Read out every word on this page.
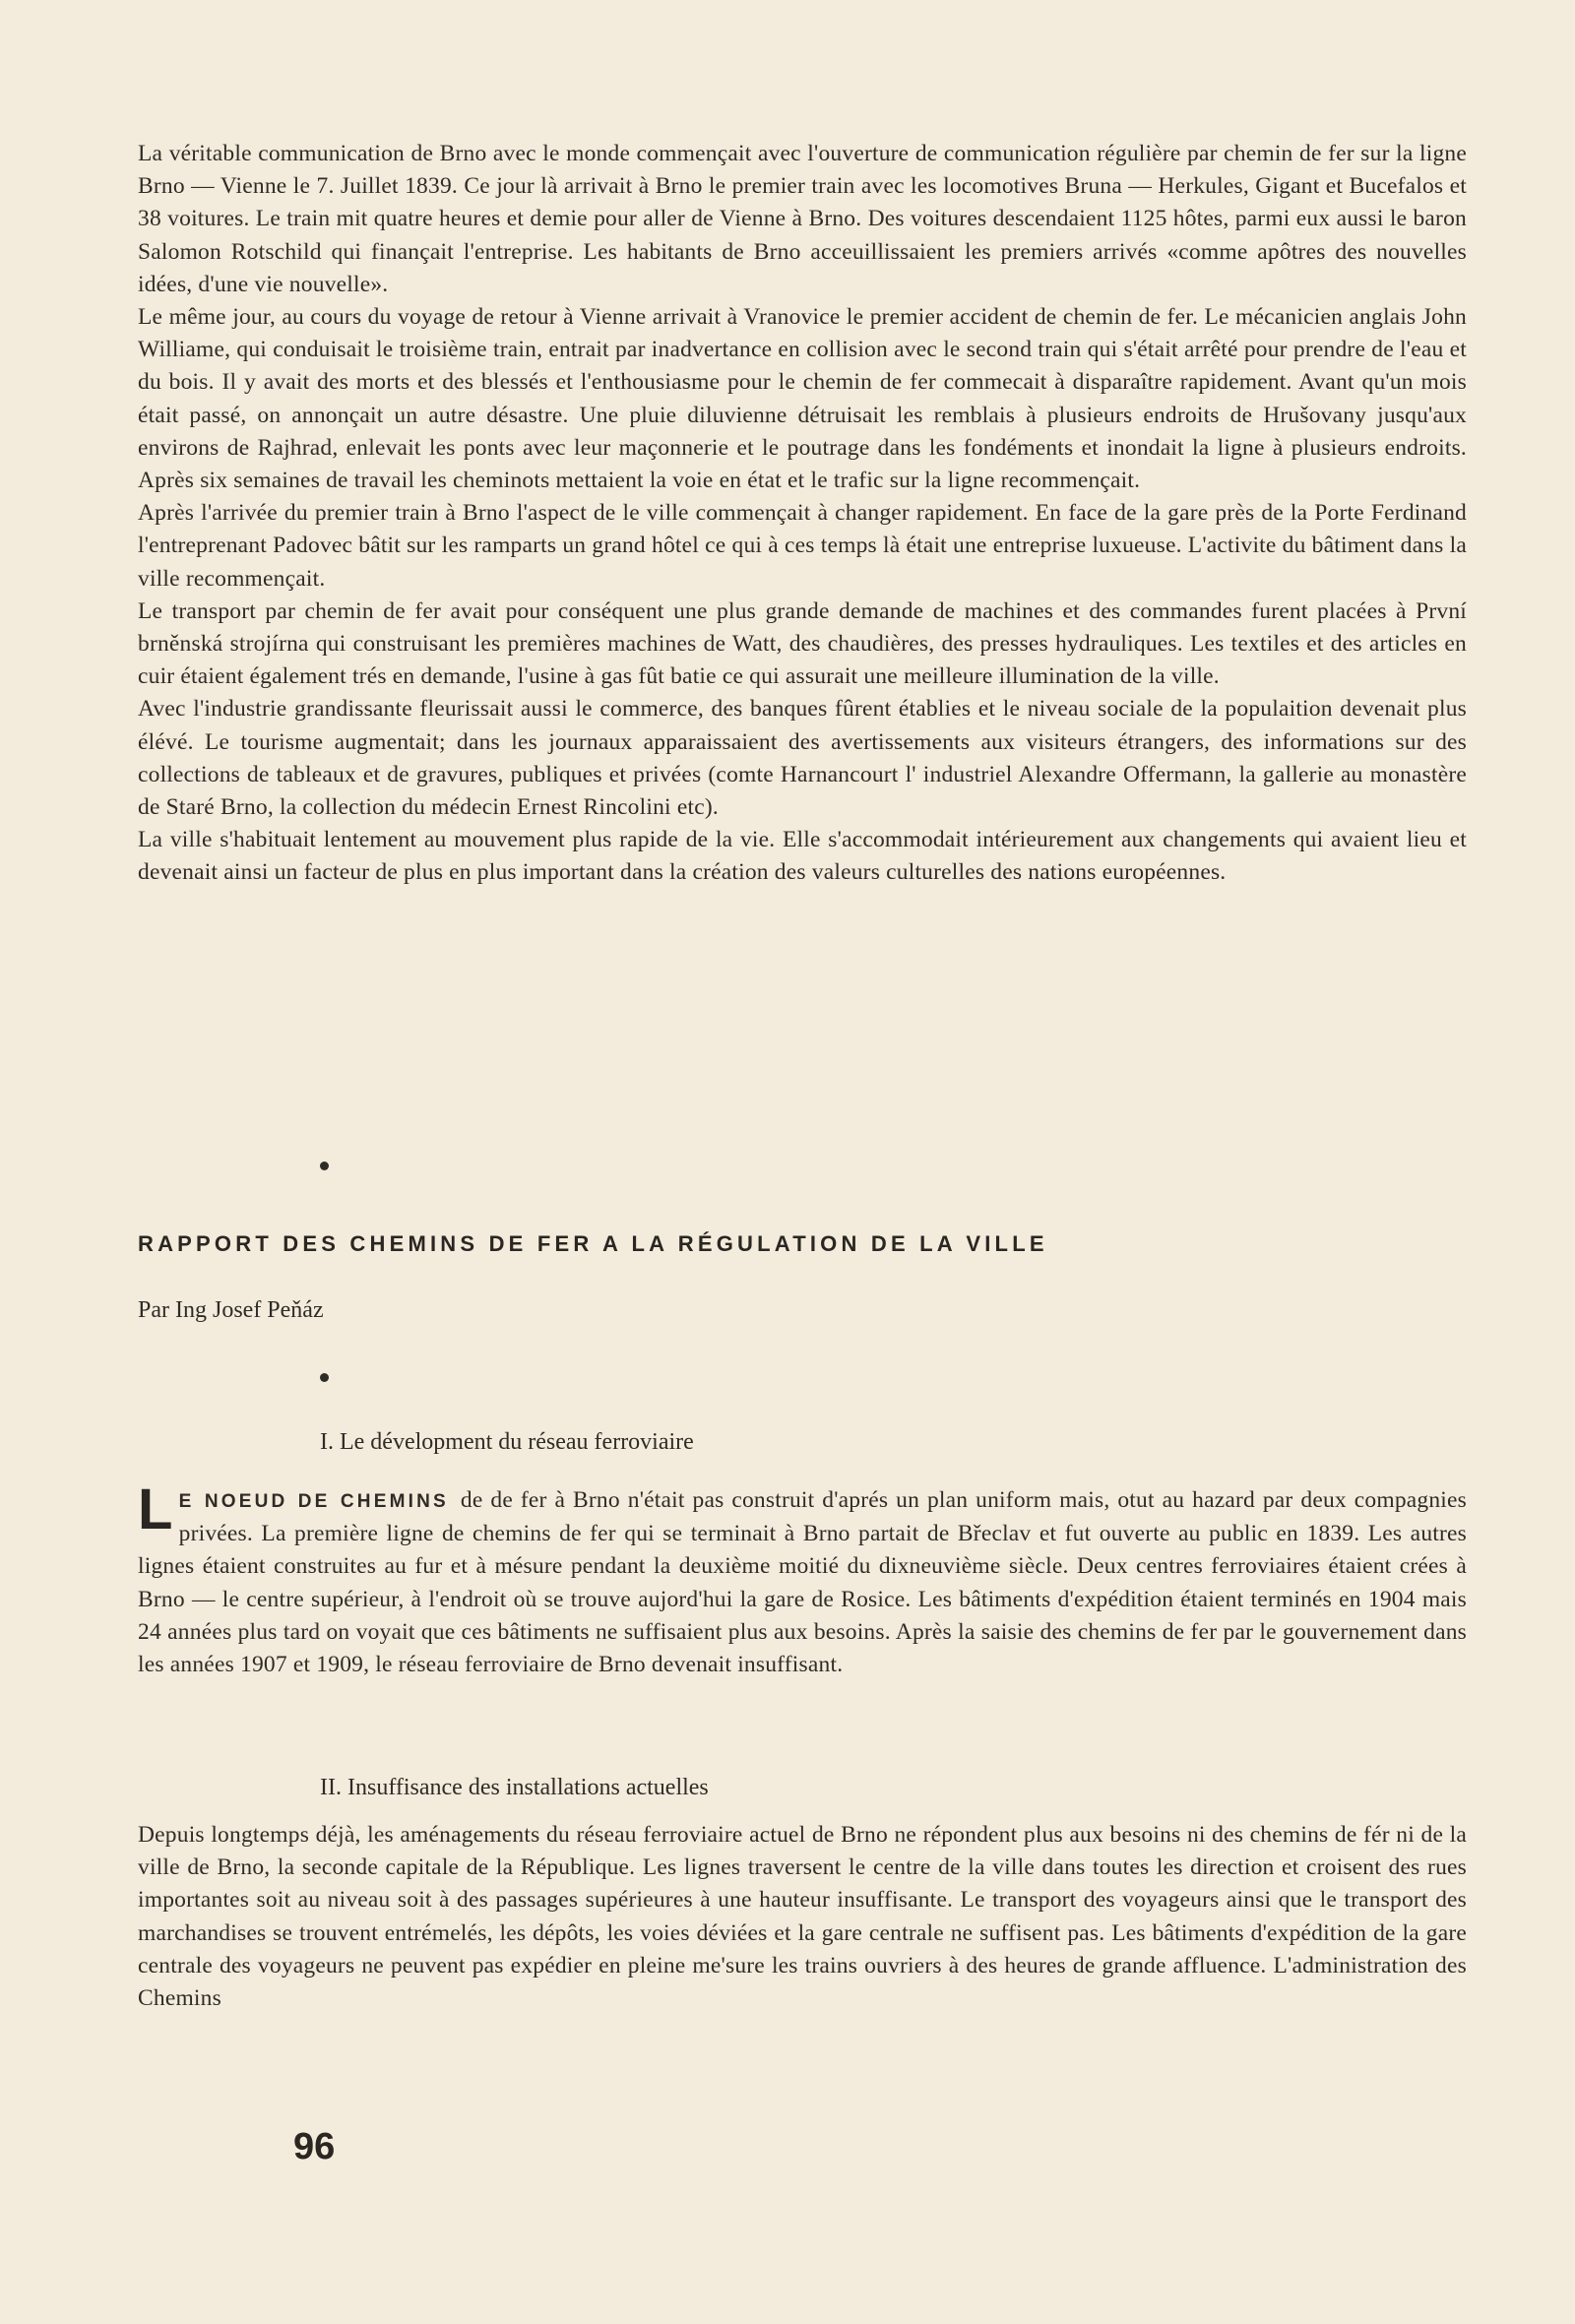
La véritable communication de Brno avec le monde commençait avec l'ouverture de communication régulière par chemin de fer sur la ligne Brno — Vienne le 7. Juillet 1839. Ce jour là arrivait à Brno le premier train avec les locomotives Bruna — Herkules, Gigant et Bucefalos et 38 voitures. Le train mit quatre heures et demie pour aller de Vienne à Brno. Des voitures descendaient 1125 hôtes, parmi eux aussi le baron Salomon Rotschild qui finançait l'entreprise. Les habitants de Brno acceuillissaient les premiers arrivés «comme apôtres des nouvelles idées, d'une vie nouvelle».

Le même jour, au cours du voyage de retour à Vienne arrivait à Vranovice le premier accident de chemin de fer. Le mécanicien anglais John Williame, qui conduisait le troisième train, entrait par inadvertance en collision avec le second train qui s'était arrêté pour prendre de l'eau et du bois. Il y avait des morts et des blessés et l'enthousiasme pour le chemin de fer commecait à disparaître rapidement. Avant qu'un mois était passé, on annonçait un autre désastre. Une pluie diluvienne détruisait les remblais à plusieurs endroits de Hrušovany jusqu'aux environs de Rajhrad, enlevait les ponts avec leur maçonnerie et le poutrage dans les fondéments et inondait la ligne à plusieurs endroits. Après six semaines de travail les cheminots mettaient la voie en état et le trafic sur la ligne recommençait.

Après l'arrivée du premier train à Brno l'aspect de le ville commençait à changer rapidement. En face de la gare près de la Porte Ferdinand l'entreprenant Padovec bâtit sur les ramparts un grand hôtel ce qui à ces temps là était une entreprise luxueuse. L'activite du bâtiment dans la ville recommençait.

Le transport par chemin de fer avait pour conséquent une plus grande demande de machines et des commandes furent placées à První brněnská strojírna qui construisant les premières machines de Watt, des chaudières, des presses hydrauliques. Les textiles et des articles en cuir étaient également trés en demande, l'usine à gas fût batie ce qui assurait une meilleure illumination de la ville.

Avec l'industrie grandissante fleurissait aussi le commerce, des banques fûrent établies et le niveau sociale de la populaition devenait plus élévé. Le tourisme augmentait; dans les journaux apparaissaient des avertissements aux visiteurs étrangers, des informations sur des collections de tableaux et de gravures, publiques et privées (comte Harnancourt l' industriel Alexandre Offermann, la gallerie au monastère de Staré Brno, la collection du médecin Ernest Rincolini etc).

La ville s'habituait lentement au mouvement plus rapide de la vie. Elle s'accommodait intérieurement aux changements qui avaient lieu et devenait ainsi un facteur de plus en plus important dans la création des valeurs culturelles des nations européennes.

RAPPORT DES CHEMINS DE FER A LA RÉGULATION DE LA VILLE
Par Ing Josef Peňáz
I. Le dévelopment du réseau ferroviaire

L E NOEUD DE CHEMINS de de fer à Brno n'était pas construit d'aprés un plan uniform mais, otut au hazard par deux compagnies privées. La première ligne de chemins de fer qui se terminait à Brno partait de Břeclav et fut ouverte au public en 1839. Les autres lignes étaient construites au fur et à mésure pendant la deuxième moitié du dixneuvième siècle. Deux centres ferroviaires étaient crées à Brno — le centre supérieur, à l'endroit où se trouve aujord'hui la gare de Rosice. Les bâtiments d'expédition étaient terminés en 1904 mais 24 années plus tard on voyait que ces bâtiments ne suffisaient plus aux besoins. Après la saisie des chemins de fer par le gouvernement dans les années 1907 et 1909, le réseau ferroviaire de Brno devenait insuffisant.

II. Insuffisance des installations actuelles

Depuis longtemps déjà, les aménagements du réseau ferroviaire actuel de Brno ne répondent plus aux besoins ni des chemins de fér ni de la ville de Brno, la seconde capitale de la République. Les lignes traversent le centre de la ville dans toutes les direction et croisent des rues importantes soit au niveau soit à des passages supérieures à une hauteur insuffisante. Le transport des voyageurs ainsi que le transport des marchandises se trouvent entrémelés, les dépôts, les voies déviées et la gare centrale ne suffisent pas. Les bâtiments d'expédition de la gare centrale des voyageurs ne peuvent pas expédier en pleine me'sure les trains ouvriers à des heures de grande affluence. L'administration des Chemins

96
